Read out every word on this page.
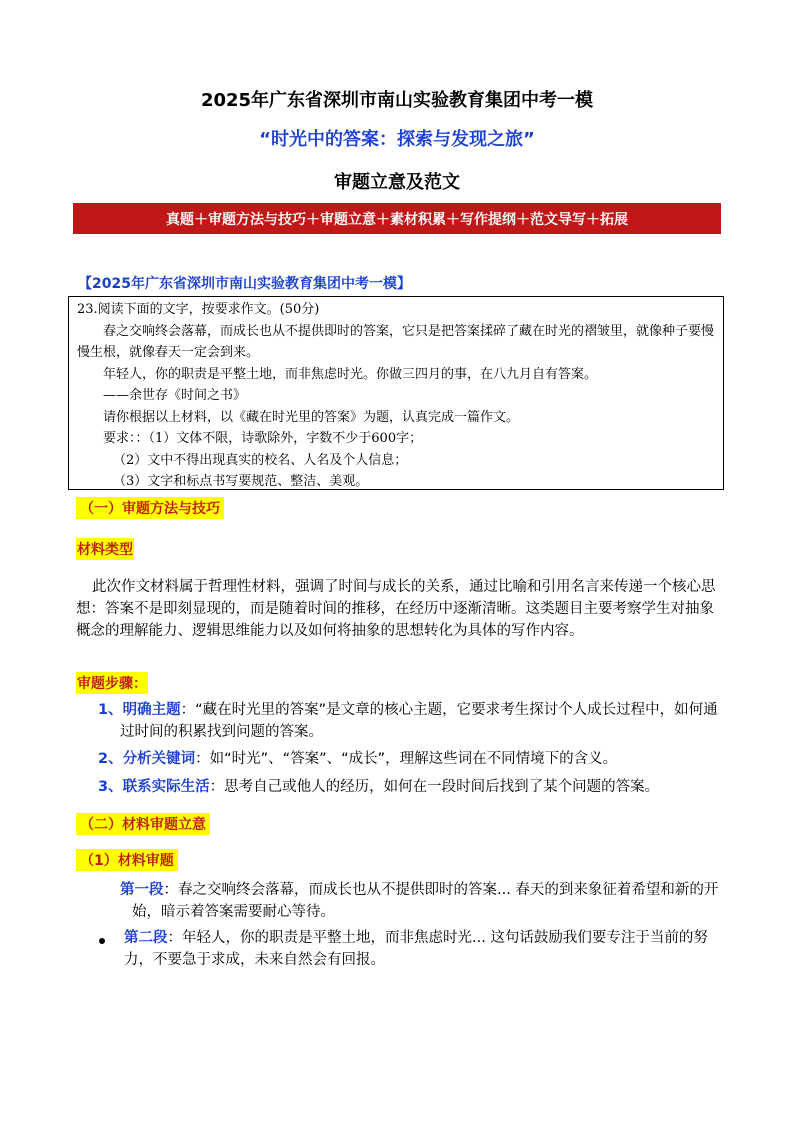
2025年广东省深圳市南山实验教育集团中考一模
“时光中的答案：探索与发现之旅”
审题立意及范文
真题＋审题方法与技巧＋审题立意＋素材积累＋写作提纲＋范文导写＋拓展
【2025年广东省深圳市南山实验教育集团中考一模】

23.阅读下面的文字，按要求作文。(50分)

春之交响终会落幕，而成长也从不提供即时的答案，它只是把答案揉碎了藏在时光的褶皱里，就像种子要慢慢生根，就像春天一定会到来。

年轻人，你的职责是平整土地，而非焦虑时光。你做三四月的事，在八九月自有答案。

——余世存《时间之书》

请你根据以上材料，以《藏在时光里的答案》为题，认真完成一篇作文。

要求：：（1）文体不限，诗歌除外，字数不少于600字；

（2）文中不得出现真实的校名、人名及个人信息；

（3）文字和标点书写要规范、整洁、美观。

（一）审题方法与技巧
材料类型
此次作文材料属于哲理性材料，强调了时间与成长的关系，通过比喻和引用名言来传递一个核心思想：答案不是即刻显现的，而是随着时间的推移，在经历中逐渐清晰。这类题目主要考察学生对抽象概念的理解能力、逻辑思维能力以及如何将抽象的思想转化为具体的写作内容。
审题步骤：
1、明确主题：“藏在时光里的答案”是文章的核心主题，它要求考生探讨个人成长过程中，如何通过时间的积累找到问题的答案。
2、分析关键词：如“时光”、“答案”、“成长”，理解这些词在不同情境下的含义。
3、联系实际生活：思考自己或他人的经历，如何在一段时间后找到了某个问题的答案。
（二）材料审题立意
（1）材料审题
第一段：春之交响终会落幕，而成长也从不提供即时的答案... 春天的到来象征着希望和新的开始，暗示着答案需要耐心等待。
第二段：年轻人，你的职责是平整土地，而非焦虑时光... 这句话鼓励我们要专注于当前的努力，不要急于求成，未来自然会有回报。
